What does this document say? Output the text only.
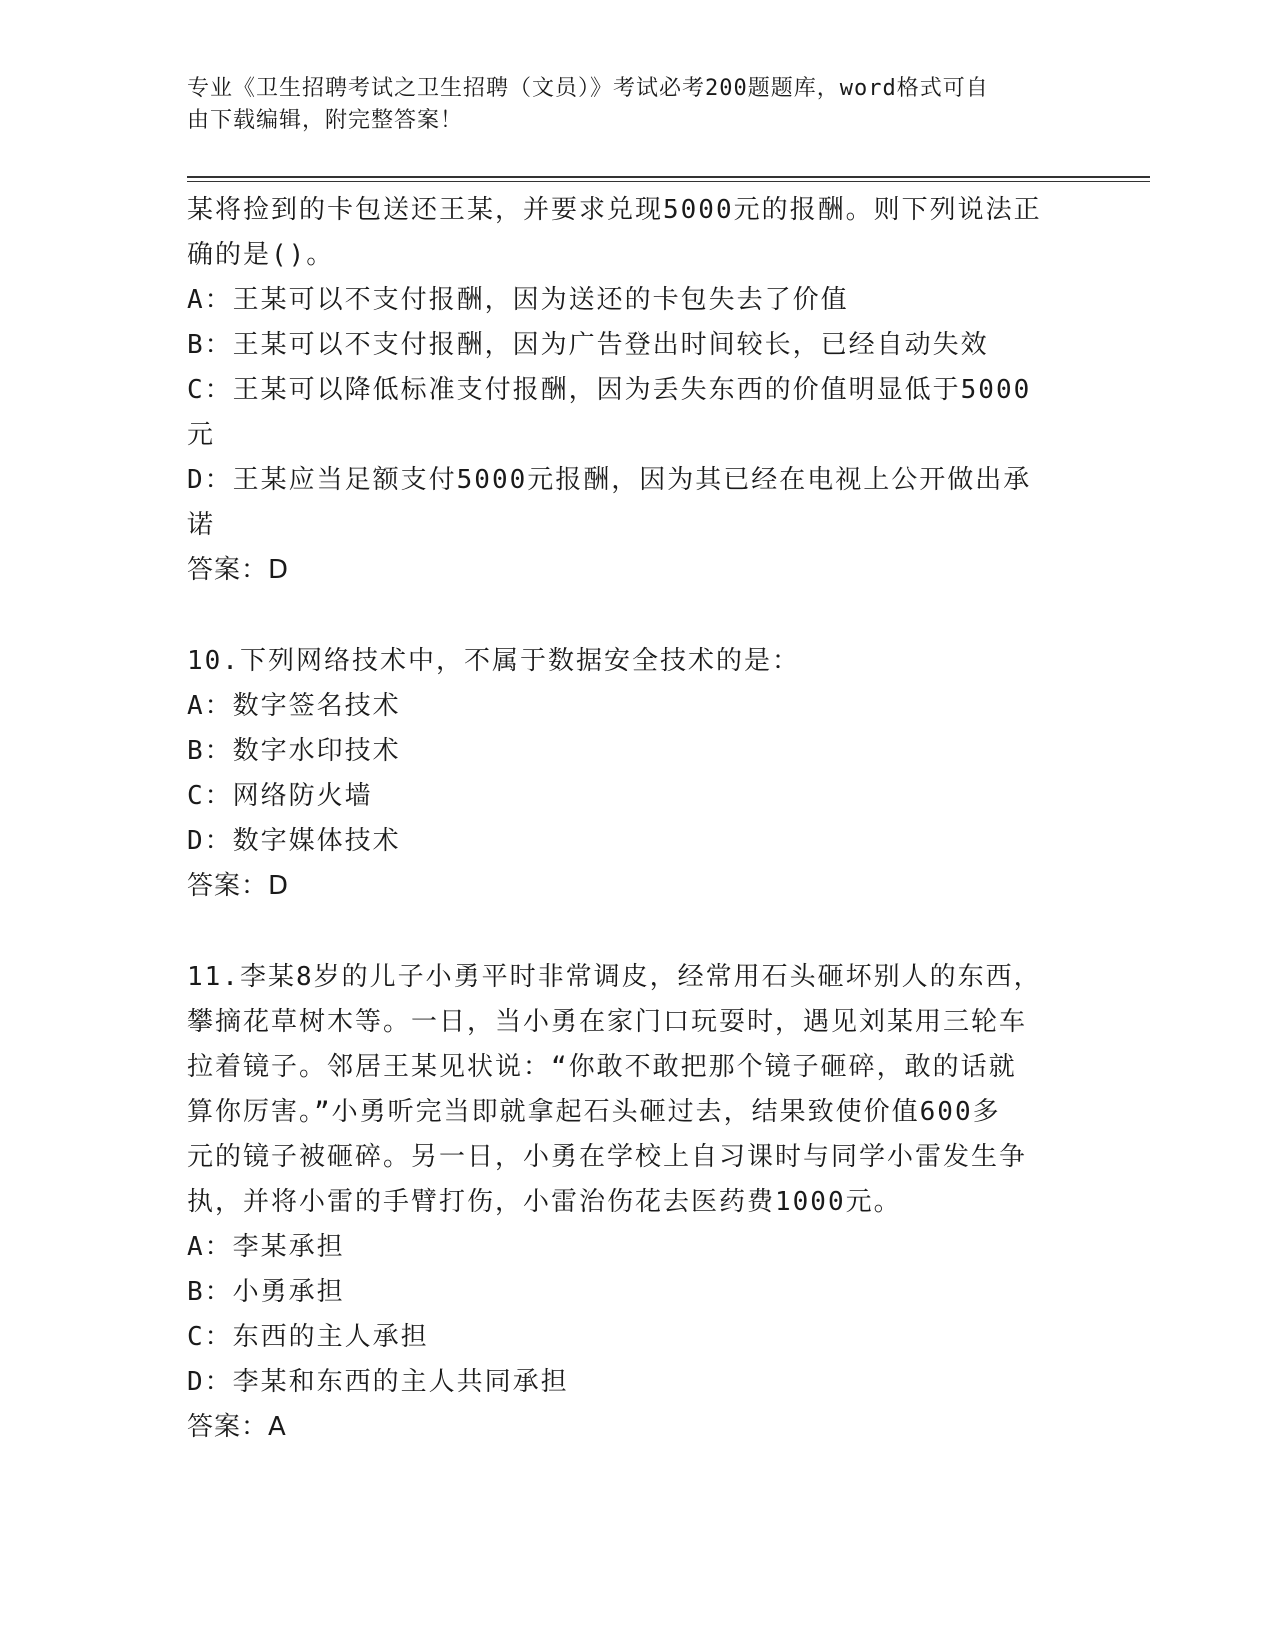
专业《卫生招聘考试之卫生招聘（文员）》考试必考200题题库，word格式可自
由下载编辑，附完整答案！
某将捡到的卡包送还王某，并要求兑现5000元的报酬。则下列说法正
确的是()。
A：王某可以不支付报酬，因为送还的卡包失去了价值
B：王某可以不支付报酬，因为广告登出时间较长，已经自动失效
C：王某可以降低标准支付报酬，因为丢失东西的价值明显低于5000
元
D：王某应当足额支付5000元报酬，因为其已经在电视上公开做出承
诺
答案：D
10.下列网络技术中，不属于数据安全技术的是：
A：数字签名技术
B：数字水印技术
C：网络防火墙
D：数字媒体技术
答案：D
11.李某8岁的儿子小勇平时非常调皮，经常用石头砸坏别人的东西，
攀摘花草树木等。一日，当小勇在家门口玩耍时，遇见刘某用三轮车
拉着镜子。邻居王某见状说：“你敢不敢把那个镜子砸碎，敢的话就
算你厉害。”小勇听完当即就拿起石头砸过去，结果致使价值600多
元的镜子被砸碎。另一日，小勇在学校上自习课时与同学小雷发生争
执，并将小雷的手臂打伤，小雷治伤花去医药费1000元。
A：李某承担
B：小勇承担
C：东西的主人承担
D：李某和东西的主人共同承担
答案：A
